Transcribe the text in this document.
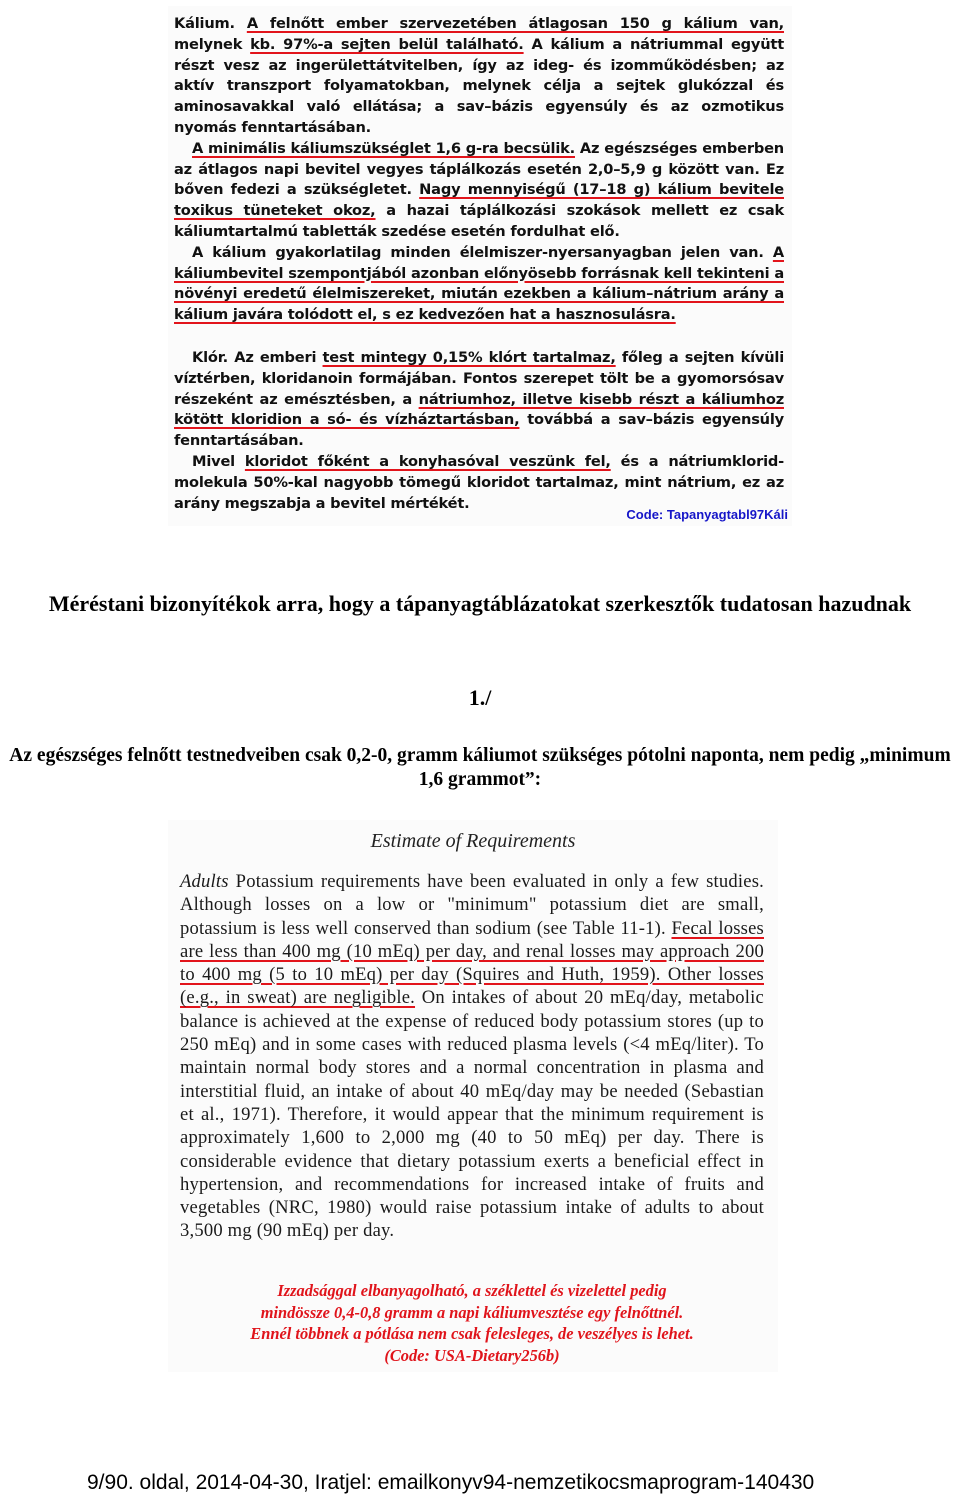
Kálium. A felnőtt ember szervezetében átlagosan 150 g kálium van, melynek kb. 97%-a sejten belül található. A kálium a nátriummal együtt részt vesz az ingerülettátvitelben, így az ideg- és izomműködésben; az aktív transzport folyamatokban, melynek célja a sejtek glukózzal és aminosavakkal való ellátása; a sav–bázis egyensúly és az ozmotikus nyomás fenntartásában.

A minimális káliumszükséglet 1,6 g-ra becsülik. Az egészséges emberben az átlagos napi bevitel vegyes táplálkozás esetén 2,0–5,9 g között van. Ez bőven fedezi a szükségletet. Nagy mennyiségű (17–18 g) kálium bevitele toxikus tüneteket okoz, a hazai táplálkozási szokások mellett ez csak káliumtartalmú tabletták szedése esetén fordulhat elő.

A kálium gyakorlatilag minden élelmiszer-nyersanyagban jelen van. A káliumbevitel szempontjából azonban előnyösebb forrásnak kell tekinteni a növényi eredetű élelmiszereket, miután ezekben a kálium–nátrium arány a kálium javára tolódott el, s ez kedvezően hat a hasznosulásra.

Klór. Az emberi test mintegy 0,15% klórt tartalmaz, főleg a sejten kívüli víztérben, kloridanoin formájában. Fontos szerepet tölt be a gyomorsósav részeként az emésztésben, a nátriumhoz, illetve kisebb részt a káliumhoz kötött kloridion a só- és vízháztartásban, továbbá a sav–bázis egyensúly fenntartásában.

Mivel kloridot főként a konyhasóval veszünk fel, és a nátriumklorid-molekula 50%-kal nagyobb tömegű kloridot tartalmaz, mint nátrium, ez az arány megszabja a bevitel mértékét.

Code: Tapanyagtabl97Káli
Méréstani bizonyítékok arra, hogy a tápanyagtáblázatokat szerkesztők tudatosan hazudnak
1./
Az egészséges felnőtt testnedveiben csak 0,2-0, gramm káliumot szükséges pótolni naponta, nem pedig „minimum 1,6 grammot”:
Estimate of Requirements
Adults Potassium requirements have been evaluated in only a few studies. Although losses on a low or "minimum" potassium diet are small, potassium is less well conserved than sodium (see Table 11-1). Fecal losses are less than 400 mg (10 mEq) per day, and renal losses may approach 200 to 400 mg (5 to 10 mEq) per day (Squires and Huth, 1959). Other losses (e.g., in sweat) are negligible. On intakes of about 20 mEq/day, metabolic balance is achieved at the expense of reduced body potassium stores (up to 250 mEq) and in some cases with reduced plasma levels (<4 mEq/liter). To maintain normal body stores and a normal concentration in plasma and interstitial fluid, an intake of about 40 mEq/day may be needed (Sebastian et al., 1971). Therefore, it would appear that the minimum requirement is approximately 1,600 to 2,000 mg (40 to 50 mEq) per day. There is considerable evidence that dietary potassium exerts a beneficial effect in hypertension, and recommendations for increased intake of fruits and vegetables (NRC, 1980) would raise potassium intake of adults to about 3,500 mg (90 mEq) per day.
Izzadsággal elbanyagolható, a széklettel és vizelettel pedig
mindössze 0,4-0,8 gramm a napi káliumvesztése egy felnőttnél.
Ennél többnek a pótlása nem csak felesleges, de veszélyes is lehet.
(Code: USA-Dietary256b)
9/90. oldal, 2014-04-30, Iratjel: emailkonyv94-nemzetikocsmaprogram-140430
